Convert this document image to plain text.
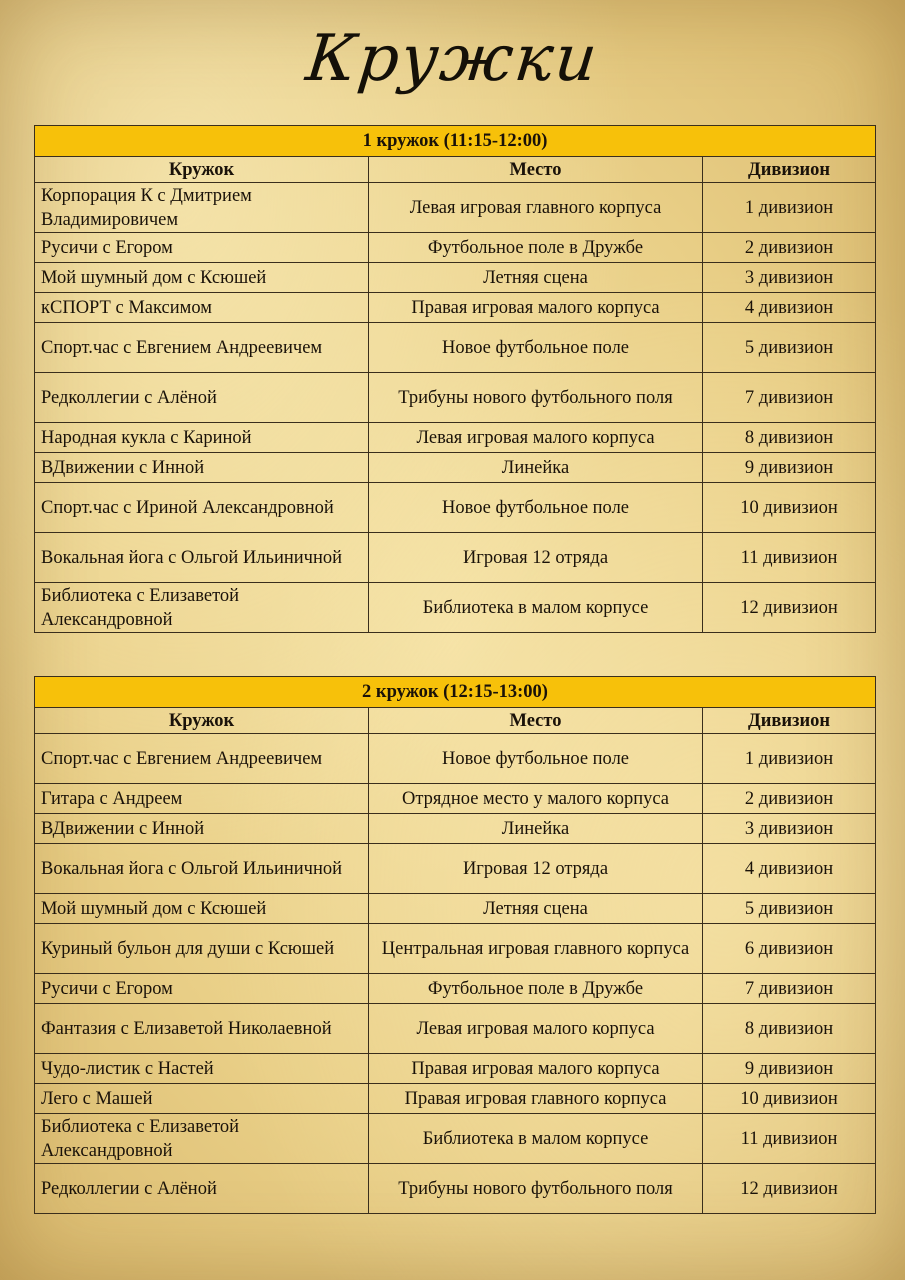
Кружки
1 кружок (11:15-12:00)		
Кружок	Место	Дивизион
Корпорация К с Дмитрием Владимировичем	Левая игровая главного корпуса	1 дивизион
Русичи с Егором	Футбольное поле в Дружбе	2 дивизион
Мой шумный дом с Ксюшей	Летняя сцена	3 дивизион
кСПОРТ с Максимом	Правая игровая малого корпуса	4 дивизион
Спорт.час с Евгением Андреевичем	Новое футбольное поле	5 дивизион
Редколлегии с Алёной	Трибуны нового футбольного поля	7 дивизион
Народная кукла с Кариной	Левая игровая малого корпуса	8 дивизион
ВДвижении с Инной	Линейка	9 дивизион
Спорт.час с Ириной Александровной	Новое футбольное поле	10 дивизион
Вокальная йога с Ольгой Ильиничной	Игровая 12 отряда	11 дивизион
Библиотека с Елизаветой Александровной	Библиотека в малом корпусе	12 дивизион
2 кружок (12:15-13:00)		
Кружок	Место	Дивизион
Спорт.час с Евгением Андреевичем	Новое футбольное поле	1 дивизион
Гитара с Андреем	Отрядное место у малого корпуса	2 дивизион
ВДвижении с Инной	Линейка	3 дивизион
Вокальная йога с Ольгой Ильиничной	Игровая 12 отряда	4 дивизион
Мой шумный дом с Ксюшей	Летняя сцена	5 дивизион
Куриный бульон для души с Ксюшей	Центральная игровая главного корпуса	6 дивизион
Русичи с Егором	Футбольное поле в Дружбе	7 дивизион
Фантазия с Елизаветой Николаевной	Левая игровая малого корпуса	8 дивизион
Чудо-листик с Настей	Правая игровая малого корпуса	9 дивизион
Лего с Машей	Правая игровая главного корпуса	10 дивизион
Библиотека с Елизаветой Александровной	Библиотека в малом корпусе	11 дивизион
Редколлегии с Алёной	Трибуны нового футбольного поля	12 дивизион
